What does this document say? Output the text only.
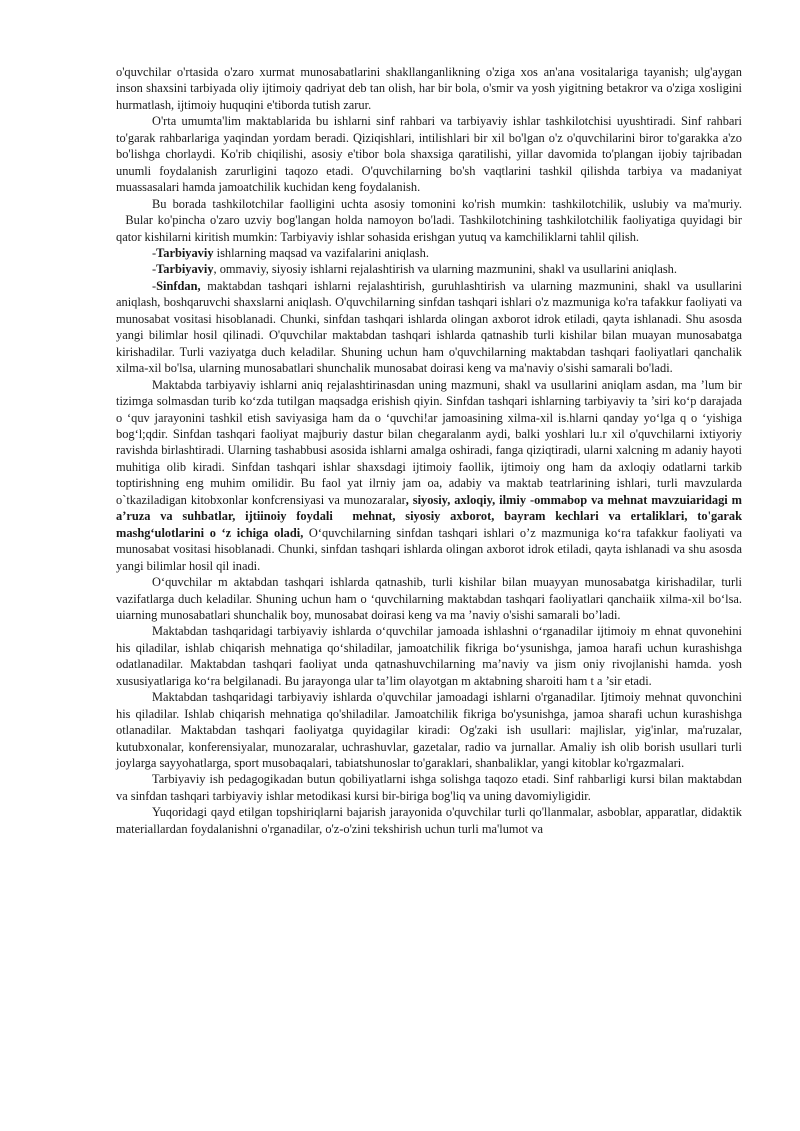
o'quvchilar o'rtasida o'zaro xurmat munosabatlarini shakllanganlikning o'ziga xos an'ana vositalariga tayanish; ulg'aygan inson shaxsini tarbiyada oliy ijtimoiy qadriyat deb tan olish, har bir bola, o'smir va yosh yigitning betakror va o'ziga xosligini hurmatlash, ijtimoiy huquqini e'tiborda tutish zarur.

O'rta umumta'lim maktablarida bu ishlarni sinf rahbari va tarbiyaviy ishlar tashkilotchisi uyushtiradi. Sinf rahbari to'garak rahbarlariga yaqindan yordam beradi. Qiziqishlari, intilishlari bir xil bo'lgan o'z o'quvchilarini biror to'garakka a'zo bo'lishga chorlaydi. Ko'rib chiqilishi, asosiy e'tibor bola shaxsiga qaratilishi, yillar davomida to'plangan ijobiy tajribadan unumli foydalanish zarurligini taqozo etadi. O'quvchilarning bo'sh vaqtlarini tashkil qilishda tarbiya va madaniyat muassasalari hamda jamoatchilik kuchidan keng foydalanish.

Bu borada tashkilotchilar faolligini uchta asosiy tomonini ko'rish mumkin: tashkilotchilik, uslubiy va ma'muriy.   Bular ko'pincha o'zaro uzviy bog'langan holda namoyon bo'ladi. Tashkilotchining tashkilotchilik faoliyatiga quyidagi bir qator kishilarni kiritish mumkin: Tarbiyaviy ishlar sohasida erishgan yutuq va kamchiliklarni tahlil qilish.

-Tarbiyaviy ishlarning maqsad va vazifalarini aniqlash.

-Tarbiyaviy, ommaviy, siyosiy ishlarni rejalashtirish va ularning mazmunini, shakl va usullarini aniqlash.

-Sinfdan, maktabdan tashqari ishlarni rejalashtirish, guruhlashtirish va ularning mazmunini, shakl va usullarini aniqlash, boshqaruvchi shaxslarni aniqlash. O'quvchilarning sinfdan tashqari ishlari o'z mazmuniga ko'ra tafakkur faoliyati va munosabat vositasi hisoblanadi. Chunki, sinfdan tashqari ishlarda olingan axborot idrok etiladi, qayta ishlanadi. Shu asosda yangi bilimlar hosil qilinadi. O'quvchilar maktabdan tashqari ishlarda qatnashib turli kishilar bilan muayan munosabatga kirishadilar. Turli vaziyatga duch keladilar. Shuning uchun ham o'quvchilarning maktabdan tashqari faoliyatlari qanchalik xilma-xil bo'lsa, ularning munosabatlari shunchalik munosabat doirasi keng va ma'naviy o'sishi samarali bo'ladi.

Maktabda tarbiyaviy ishlarni aniq rejalashtirinasdan uning mazmuni, shakl va usullarini aniqlam asdan, ma ’lum bir tizimga solmasdan turib ko‘zda tutilgan maqsadga erishish qiyin. Sinfdan tashqari ishlarning tarbiyaviy ta ’siri ko‘p darajada o ‘quv jarayonini tashkil etish saviyasiga ham da o ‘quvchi!ar jamoasining xilma-xil is.hlarni qanday yo‘lga q o ‘yishiga bog‘l;qdir. Sinfdan tashqari faoliyat majburiy dastur bilan chegaralanm aydi, balki yoshlari lu.r xil o'quvchilarni ixtiyoriy ravishda birlashtiradi. Ularning tashabbusi asosida ishlarni amalga oshiradi, fanga qiziqtiradi, ularni xalcning m adaniy hayoti muhitiga olib kiradi. Sinfdan tashqari ishlar shaxsdagi ijtimoiy faollik, ijtimoiy ong ham da axloqiy odatlarni tarkib toptirishning eng muhim omilidir. Bu faol yat ilrniy jam oa, adabiy va maktab teatrlarining ishlari, turli mavzularda o`tkaziladigan kitobxonlar konfcrensiyasi va munozaralar, siyosiy, axloqiy, ilmiy -ommabop va mehnat mavzuiaridagi m a’ruza va suhbatlar, ijtiinoiy foydali  mehnat, siyosiy axborot, bayram kechlari va ertaliklari, to'garak mashg‘ulotlarini o ‘z ichiga oladi, O‘quvchilarning sinfdan tashqari ishlari o’z mazmuniga ko‘ra tafakkur faoliyati va munosabat vositasi hisoblanadi. Chunki, sinfdan tashqari ishlarda olingan axborot idrok etiladi, qayta ishlanadi va shu asosda yangi bilimlar hosil qil inadi.

O‘quvchilar m aktabdan tashqari ishlarda qatnashib, turli kishilar bilan muayyan munosabatga kirishadilar, turli vazifatlarga duch keladilar. Shuning uchun ham o ‘quvchilarning maktabdan tashqari faoliyatlari qanchaiik xilma-xil bo‘lsa. uiarning munosabatlari shunchalik boy, munosabat doirasi keng va ma ’naviy o'sishi samarali bo’ladi.

Maktabdan tashqaridagi tarbiyaviy ishlarda o‘quvchilar jamoada ishlashni o‘rganadilar ijtimoiy m ehnat quvonehini his qiladilar, ishlab chiqarish mehnatiga qo‘shiladilar, jamoatchilik fikriga bo‘ysunishga, jamoa harafi uchun kurashishga odatlanadilar. Maktabdan tashqari faoliyat unda qatnashuvchilarning ma’naviy va jism oniy rivojlanishi hamda. yosh xususiyatlariga ko‘ra belgilanadi. Bu jarayonga ular ta’lim olayotgan m aktabning sharoiti ham t a ’sir etadi.

Maktabdan tashqaridagi tarbiyaviy ishlarda o'quvchilar jamoadagi ishlarni o'rganadilar. Ijtimoiy mehnat quvonchini his qiladilar. Ishlab chiqarish mehnatiga qo'shiladilar. Jamoatchilik fikriga bo'ysunishga, jamoa sharafi uchun kurashishga otlanadilar. Maktabdan tashqari faoliyatga quyidagilar kiradi: Og'zaki ish usullari: majlislar, yig'inlar, ma'ruzalar, kutubxonalar, konferensiyalar, munozaralar, uchrashuvlar, gazetalar, radio va jurnallar. Amaliy ish olib borish usullari turli joylarga sayyohatlarga, sport musobaqalari, tabiatshunoslar to'garaklari, shanbaliklar, yangi kitoblar ko'rgazmalari.

Tarbiyaviy ish pedagogikadan butun qobiliyatlarni ishga solishga taqozo etadi. Sinf rahbarligi kursi bilan maktabdan va sinfdan tashqari tarbiyaviy ishlar metodikasi kursi bir-biriga bog'liq va uning davomiyligidir.

Yuqoridagi qayd etilgan topshiriqlarni bajarish jarayonida o'quvchilar turli qo'llanmalar, asboblar, apparatlar, didaktik materiallardan foydalanishni o'rganadilar, o'z-o'zini tekshirish uchun turli ma'lumot va
